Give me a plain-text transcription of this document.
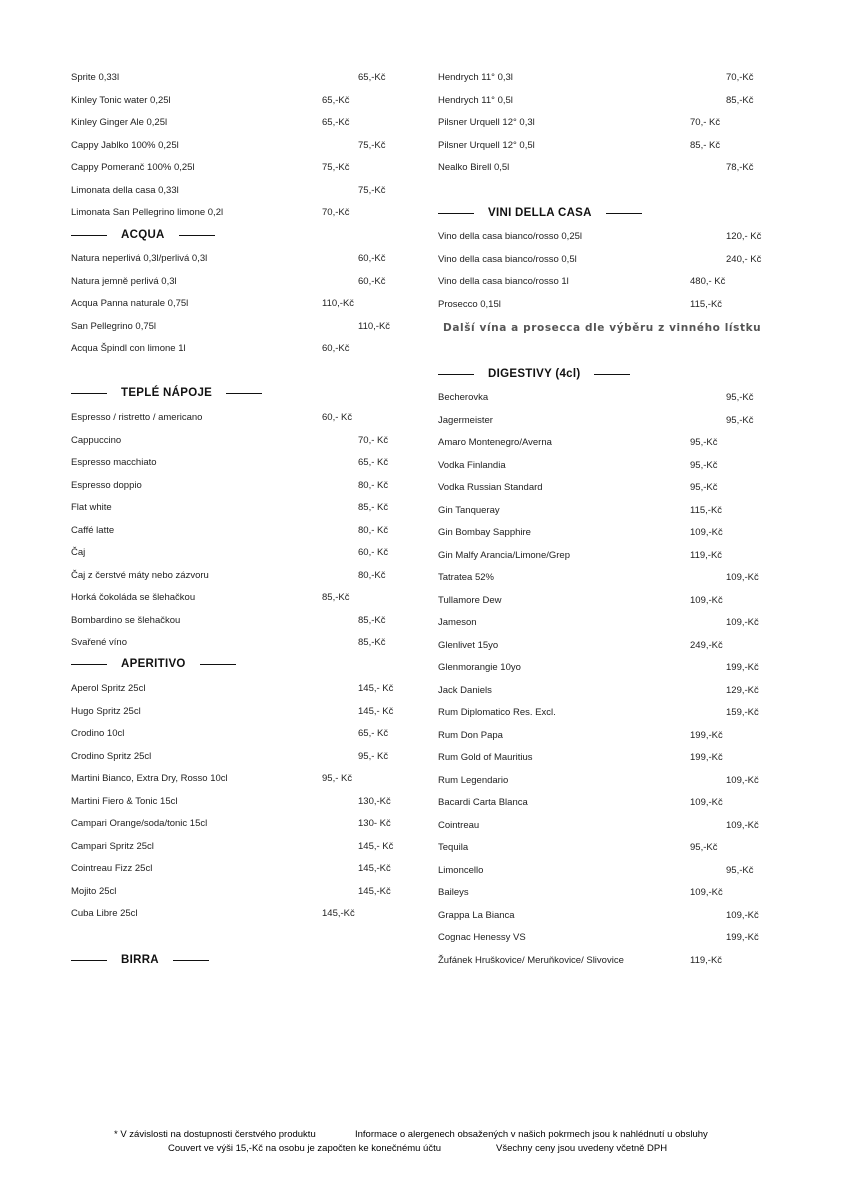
Sprite 0,33l	65,-Kč
Kinley Tonic water 0,25l	65,-Kč
Kinley Ginger Ale 0,25l	65,-Kč
Cappy Jablko 100% 0,25l	75,-Kč
Cappy Pomeranč 100% 0,25l	75,-Kč
Limonata della casa 0,33l	75,-Kč
Limonata San Pellegrino limone 0,2l	70,-Kč
ACQUA
Natura neperlivá 0,3l/perlivá 0,3l	60,-Kč
Natura jemně perlivá 0,3l	60,-Kč
Acqua Panna naturale 0,75l	110,-Kč
San Pellegrino 0,75l	110,-Kč
Acqua Špindl con limone 1l	60,-Kč
TEPLÉ NÁPOJE
Espresso / ristretto / americano	60,- Kč
Cappuccino	70,- Kč
Espresso macchiato	65,- Kč
Espresso doppio	80,- Kč
Flat white	85,- Kč
Caffé latte	80,- Kč
Čaj	60,- Kč
Čaj z čerstvé máty nebo zázvoru	80,-Kč
Horká čokoláda se šlehačkou	85,-Kč
Bombardino se šlehačkou	85,-Kč
Svařené víno	85,-Kč
APERITIVO
Aperol Spritz 25cl	145,- Kč
Hugo Spritz 25cl	145,- Kč
Crodino 10cl	65,- Kč
Crodino Spritz 25cl	95,- Kč
Martini Bianco, Extra Dry, Rosso 10cl	95,- Kč
Martini Fiero & Tonic 15cl	130,-Kč
Campari Orange/soda/tonic 15cl	130- Kč
Campari Spritz 25cl	145,- Kč
Cointreau Fizz 25cl	145,-Kč
Mojito 25cl	145,-Kč
Cuba Libre 25cl	145,-Kč
BIRRA
Hendrych 11° 0,3l	70,-Kč
Hendrych 11° 0,5l	85,-Kč
Pilsner Urquell 12° 0,3l	70,- Kč
Pilsner Urquell 12° 0,5l	85,- Kč
Nealko Birell 0,5l	78,-Kč
VINI DELLA CASA
Vino della casa bianco/rosso 0,25l	120,- Kč
Vino della casa bianco/rosso 0,5l	240,- Kč
Vino della casa bianco/rosso 1l	480,- Kč
Prosecco 0,15l	115,-Kč
Další vína a prosecca dle výběru z vinného lístku
DIGESTIVY (4cl)
Becherovka	95,-Kč
Jagermeister	95,-Kč
Amaro Montenegro/Averna	95,-Kč
Vodka Finlandia	95,-Kč
Vodka Russian Standard	95,-Kč
Gin Tanqueray	115,-Kč
Gin Bombay Sapphire	109,-Kč
Gin Malfy Arancia/Limone/Grep	119,-Kč
Tatratea 52%	109,-Kč
Tullamore Dew	109,-Kč
Jameson	109,-Kč
Glenlivet 15yo	249,-Kč
Glenmorangie 10yo	199,-Kč
Jack Daniels	129,-Kč
Rum Diplomatico Res. Excl.	159,-Kč
Rum Don Papa	199,-Kč
Rum Gold of Mauritius	199,-Kč
Rum Legendario	109,-Kč
Bacardi Carta Blanca	109,-Kč
Cointreau	109,-Kč
Tequila	95,-Kč
Limoncello	95,-Kč
Baileys	109,-Kč
Grappa La Bianca	109,-Kč
Cognac Henessy VS	199,-Kč
Žufánek Hruškovice/ Meruňkovice/ Slivovice	119,-Kč
* V závislosti na dostupnosti čerstvého produktu	Informace o alergenech obsažených v našich pokrmech jsou k nahlédnutí u obsluhy
Couvert ve výši 15,-Kč na osobu je započten ke konečnému účtu	Všechny ceny jsou uvedeny včetně DPH
